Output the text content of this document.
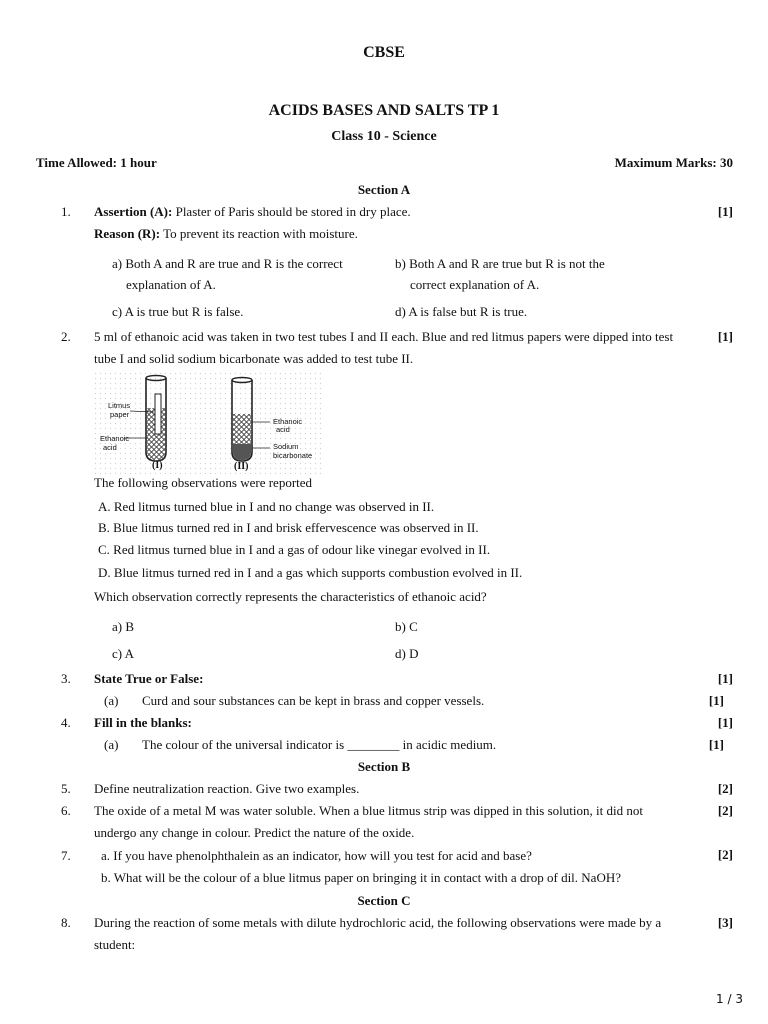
CBSE
ACIDS BASES AND SALTS TP 1
Class 10 - Science
Time Allowed: 1 hour	Maximum Marks: 30
Section A
1. Assertion (A): Plaster of Paris should be stored in dry place.	[1]
Reason (R): To prevent its reaction with moisture.
a) Both A and R are true and R is the correct
explanation of A.
b) Both A and R are true but R is not the
correct explanation of A.
c) A is true but R is false.	d) A is false but R is true.
2. 5 ml of ethanoic acid was taken in two test tubes I and II each. Blue and red litmus papers were dipped into test	[1]
tube I and solid sodium bicarbonate was added to test tube II.
Litmus
paper
Ethanoic
acid
Ethanoic
acid
Sodium
bicarbonate
(I)	(II)
The following observations were reported
A. Red litmus turned blue in I and no change was observed in II.
B. Blue litmus turned red in I and brisk effervescence was observed in II.
C. Red litmus turned blue in I and a gas of odour like vinegar evolved in II.
D. Blue litmus turned red in I and a gas which supports combustion evolved in II.
Which observation correctly represents the characteristics of ethanoic acid?
a) B	b) C
c) A	d) D
3. State True or False:	[1]
(a) Curd and sour substances can be kept in brass and copper vessels.	[1]
4. Fill in the blanks:	[1]
(a) The colour of the universal indicator is ________ in acidic medium.	[1]
Section B
5. Define neutralization reaction. Give two examples.	[2]
6. The oxide of a metal M was water soluble. When a blue litmus strip was dipped in this solution, it did not	[2]
undergo any change in colour. Predict the nature of the oxide.
7. a. If you have phenolphthalein as an indicator, how will you test for acid and base?	[2]
b. What will be the colour of a blue litmus paper on bringing it in contact with a drop of dil. NaOH?
Section C
8. During the reaction of some metals with dilute hydrochloric acid, the following observations were made by a	[3]
student:
1 / 3
